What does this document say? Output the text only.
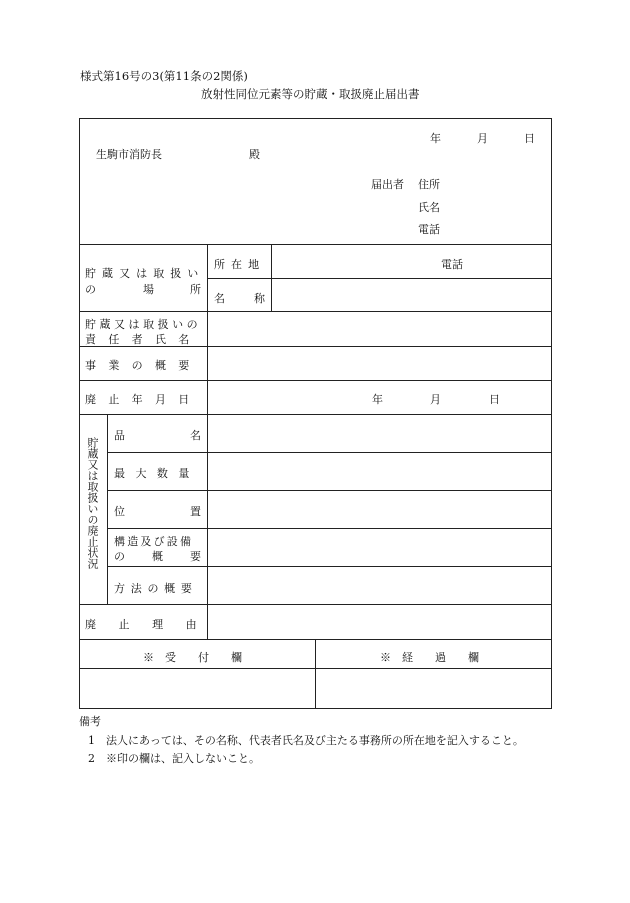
様式第16号の3(第11条の2関係)
放射性同位元素等の貯蔵・取扱廃止届出書
年	月	日
生駒市消防長	殿
届出者 住所
氏名
電話
貯蔵又は取扱い
の	場	所
所在地	電話
名	称
貯蔵又は取扱いの
責任者氏名
事業の概要
廃止年月日	年	月	日
貯蔵又は取扱いの廃止状況
品	名
最大数量
位	置
構造及び設備
の 概 要
方法の概要
廃止理由
※　受　　付　　欄	※　経　　過　　欄
備考
1　法人にあっては、その名称、代表者氏名及び主たる事務所の所在地を記入すること。
2　※印の欄は、記入しないこと。
